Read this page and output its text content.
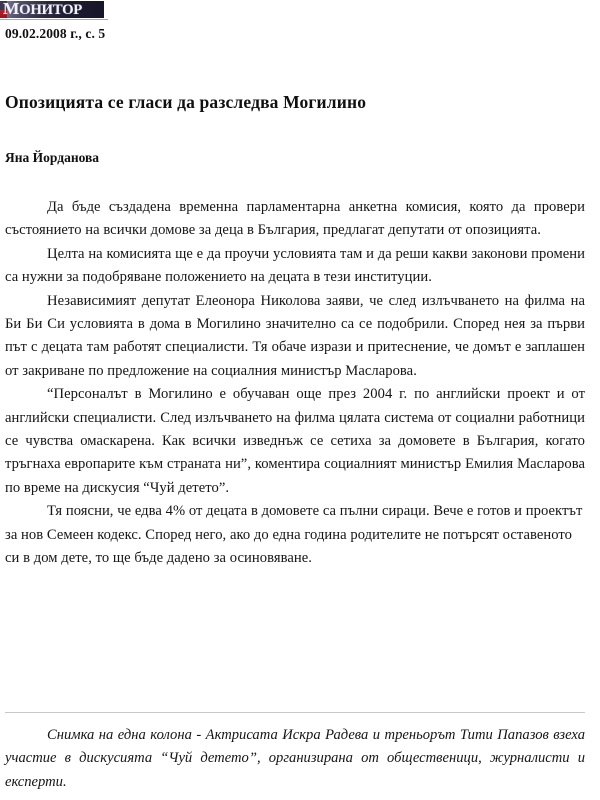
МОНИТОР
09.02.2008 г., с. 5
Опозицията се гласи да разследва Могилино
Яна Йорданова

Да бъде създадена временна парламентарна анкетна комисия, която да провери състоянието на всички домове за деца в България, предлагат депутати от опозицията.

Целта на комисията ще е да проучи условията там и да реши какви законови промени са нужни за подобряване положението на децата в тези институции.

Независимият депутат Елеонора Николова заяви, че след излъчването на филма на Би Би Си условията в дома в Могилино значително са се подобрили. Според нея за първи път с децата там работят специалисти. Тя обаче изрази и притеснение, че домът е заплашен от закриване по предложение на социалния министър Масларова.

“Персоналът в Могилино е обучаван още през 2004 г. по английски проект и от английски специалисти. След излъчването на филма цялата система от социални работници се чувства омаскарена. Как всички изведнъж се сетиха за домовете в България, когато тръгнаха европарите към страната ни”, коментира социалният министър Емилия Масларова по време на дискусия “Чуй детето”.

Тя поясни, че едва 4% от децата в домовете са пълни сираци. Вече е готов и проектът за нов Семеен кодекс. Според него, ако до една година родителите не потърсят оставеното си в дом дете, то ще бъде дадено за осиновяване.

Снимка на една колона - Актрисата Искра Радева и треньорът Тити Папазов взеха участие в дискусията “Чуй детето”, организирана от общественици, журналисти и експерти.
